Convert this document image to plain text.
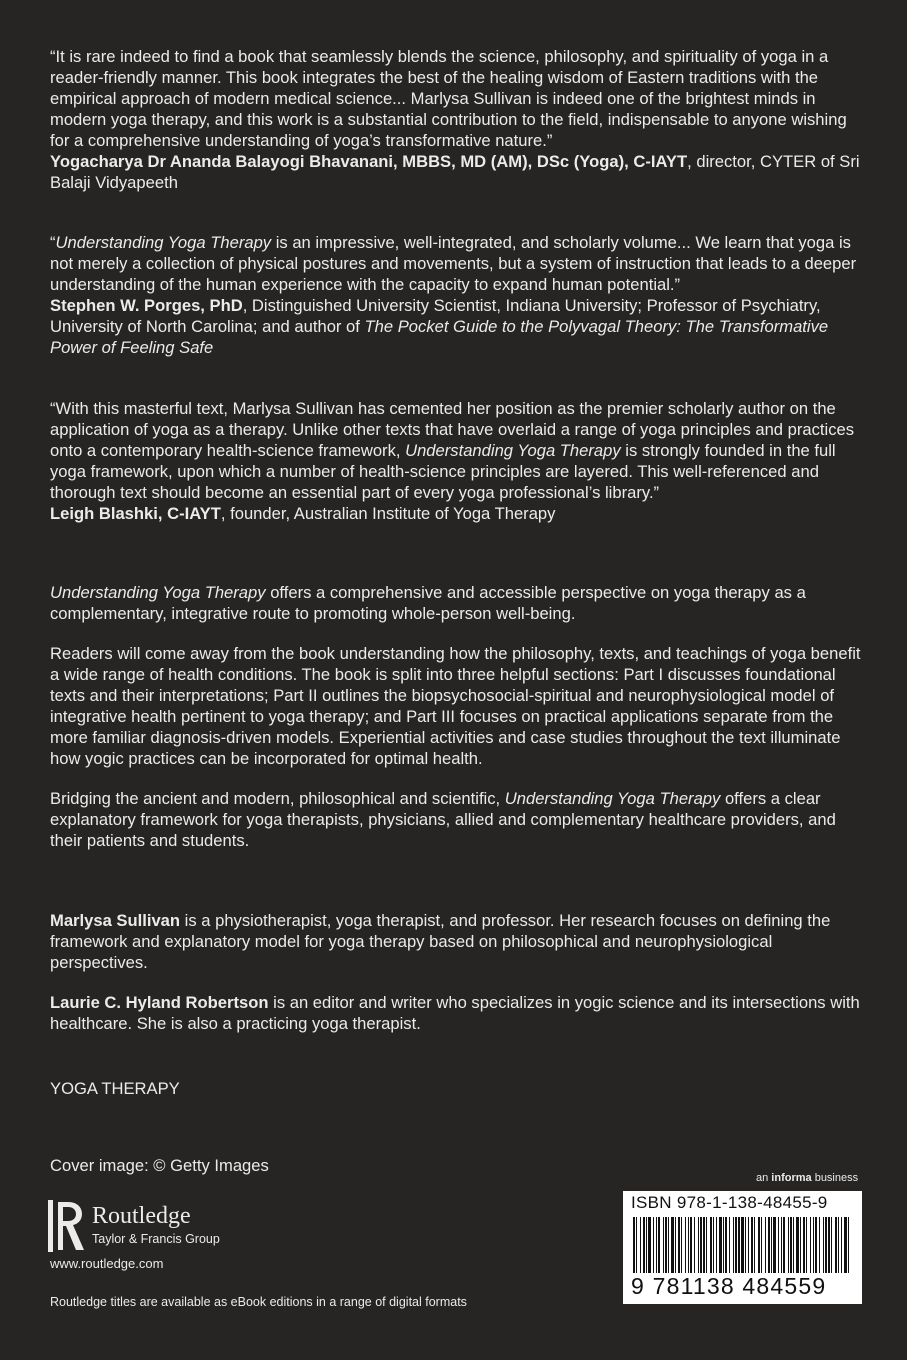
“It is rare indeed to find a book that seamlessly blends the science, philosophy, and spirituality of yoga in a reader-friendly manner. This book integrates the best of the healing wisdom of Eastern traditions with the empirical approach of modern medical science... Marlysa Sullivan is indeed one of the brightest minds in modern yoga therapy, and this work is a substantial contribution to the field, indispensable to anyone wishing for a comprehensive understanding of yoga’s transformative nature.”

Yogacharya Dr Ananda Balayogi Bhavanani, MBBS, MD (AM), DSc (Yoga), C-IAYT, director, CYTER of Sri Balaji Vidyapeeth

“Understanding Yoga Therapy is an impressive, well-integrated, and scholarly volume... We learn that yoga is not merely a collection of physical postures and movements, but a system of instruction that leads to a deeper understanding of the human experience with the capacity to expand human potential.”

Stephen W. Porges, PhD, Distinguished University Scientist, Indiana University; Professor of Psychiatry, University of North Carolina; and author of The Pocket Guide to the Polyvagal Theory: The Transformative Power of Feeling Safe

“With this masterful text, Marlysa Sullivan has cemented her position as the premier scholarly author on the application of yoga as a therapy. Unlike other texts that have overlaid a range of yoga principles and practices onto a contemporary health-science framework, Understanding Yoga Therapy is strongly founded in the full yoga framework, upon which a number of health-science principles are layered. This well-referenced and thorough text should become an essential part of every yoga professional’s library.”

Leigh Blashki, C-IAYT, founder, Australian Institute of Yoga Therapy

Understanding Yoga Therapy offers a comprehensive and accessible perspective on yoga therapy as a complementary, integrative route to promoting whole-person well-being.

Readers will come away from the book understanding how the philosophy, texts, and teachings of yoga benefit a wide range of health conditions. The book is split into three helpful sections: Part I discusses foundational texts and their interpretations; Part II outlines the biopsychosocial-spiritual and neurophysiological model of integrative health pertinent to yoga therapy; and Part III focuses on practical applications separate from the more familiar diagnosis-driven models. Experiential activities and case studies throughout the text illuminate how yogic practices can be incorporated for optimal health.

Bridging the ancient and modern, philosophical and scientific, Understanding Yoga Therapy offers a clear explanatory framework for yoga therapists, physicians, allied and complementary healthcare providers, and their patients and students.

Marlysa Sullivan is a physiotherapist, yoga therapist, and professor. Her research focuses on defining the framework and explanatory model for yoga therapy based on philosophical and neurophysiological perspectives.

Laurie C. Hyland Robertson is an editor and writer who specializes in yogic science and its intersections with healthcare. She is also a practicing yoga therapist.

YOGA THERAPY
Cover image: © Getty Images
an informa business
Routledge
Taylor & Francis Group
www.routledge.com
Routledge titles are available as eBook editions in a range of digital formats
ISBN 978-1-138-48455-9
9 781138 484559
